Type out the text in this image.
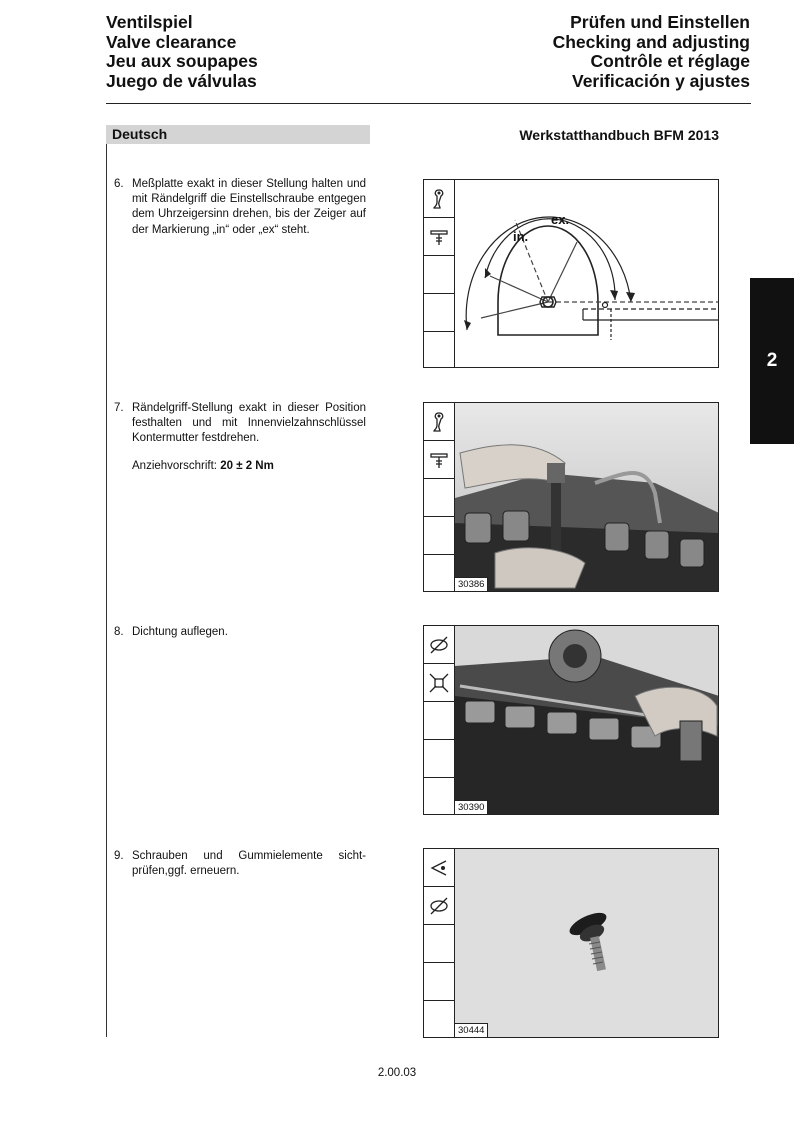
Ventilspiel
Valve clearance
Jeu aux soupapes
Juego de válvulas
Prüfen und Einstellen
Checking and adjusting
Contrôle et réglage
Verificación y ajustes
Deutsch	Werkstatthandbuch BFM 2013
2
6. Meßplatte exakt in dieser Stellung halten und mit Rändelgriff die Einstellschraube entgegen dem Uhrzeigersinn drehen, bis der Zeiger auf der Markierung „in“ oder „ex“ steht.
7. Rändelgriff-Stellung exakt in dieser Position festhalten und mit Innenvielzahnschlüssel Kontermutter festdrehen.
Anziehvorschrift: 20 ± 2 Nm
8. Dichtung auflegen.
9. Schrauben und Gummielemente sichtprüfen,ggf. erneuern.
ex.
in.
30386
30390
30444
2.00.03
